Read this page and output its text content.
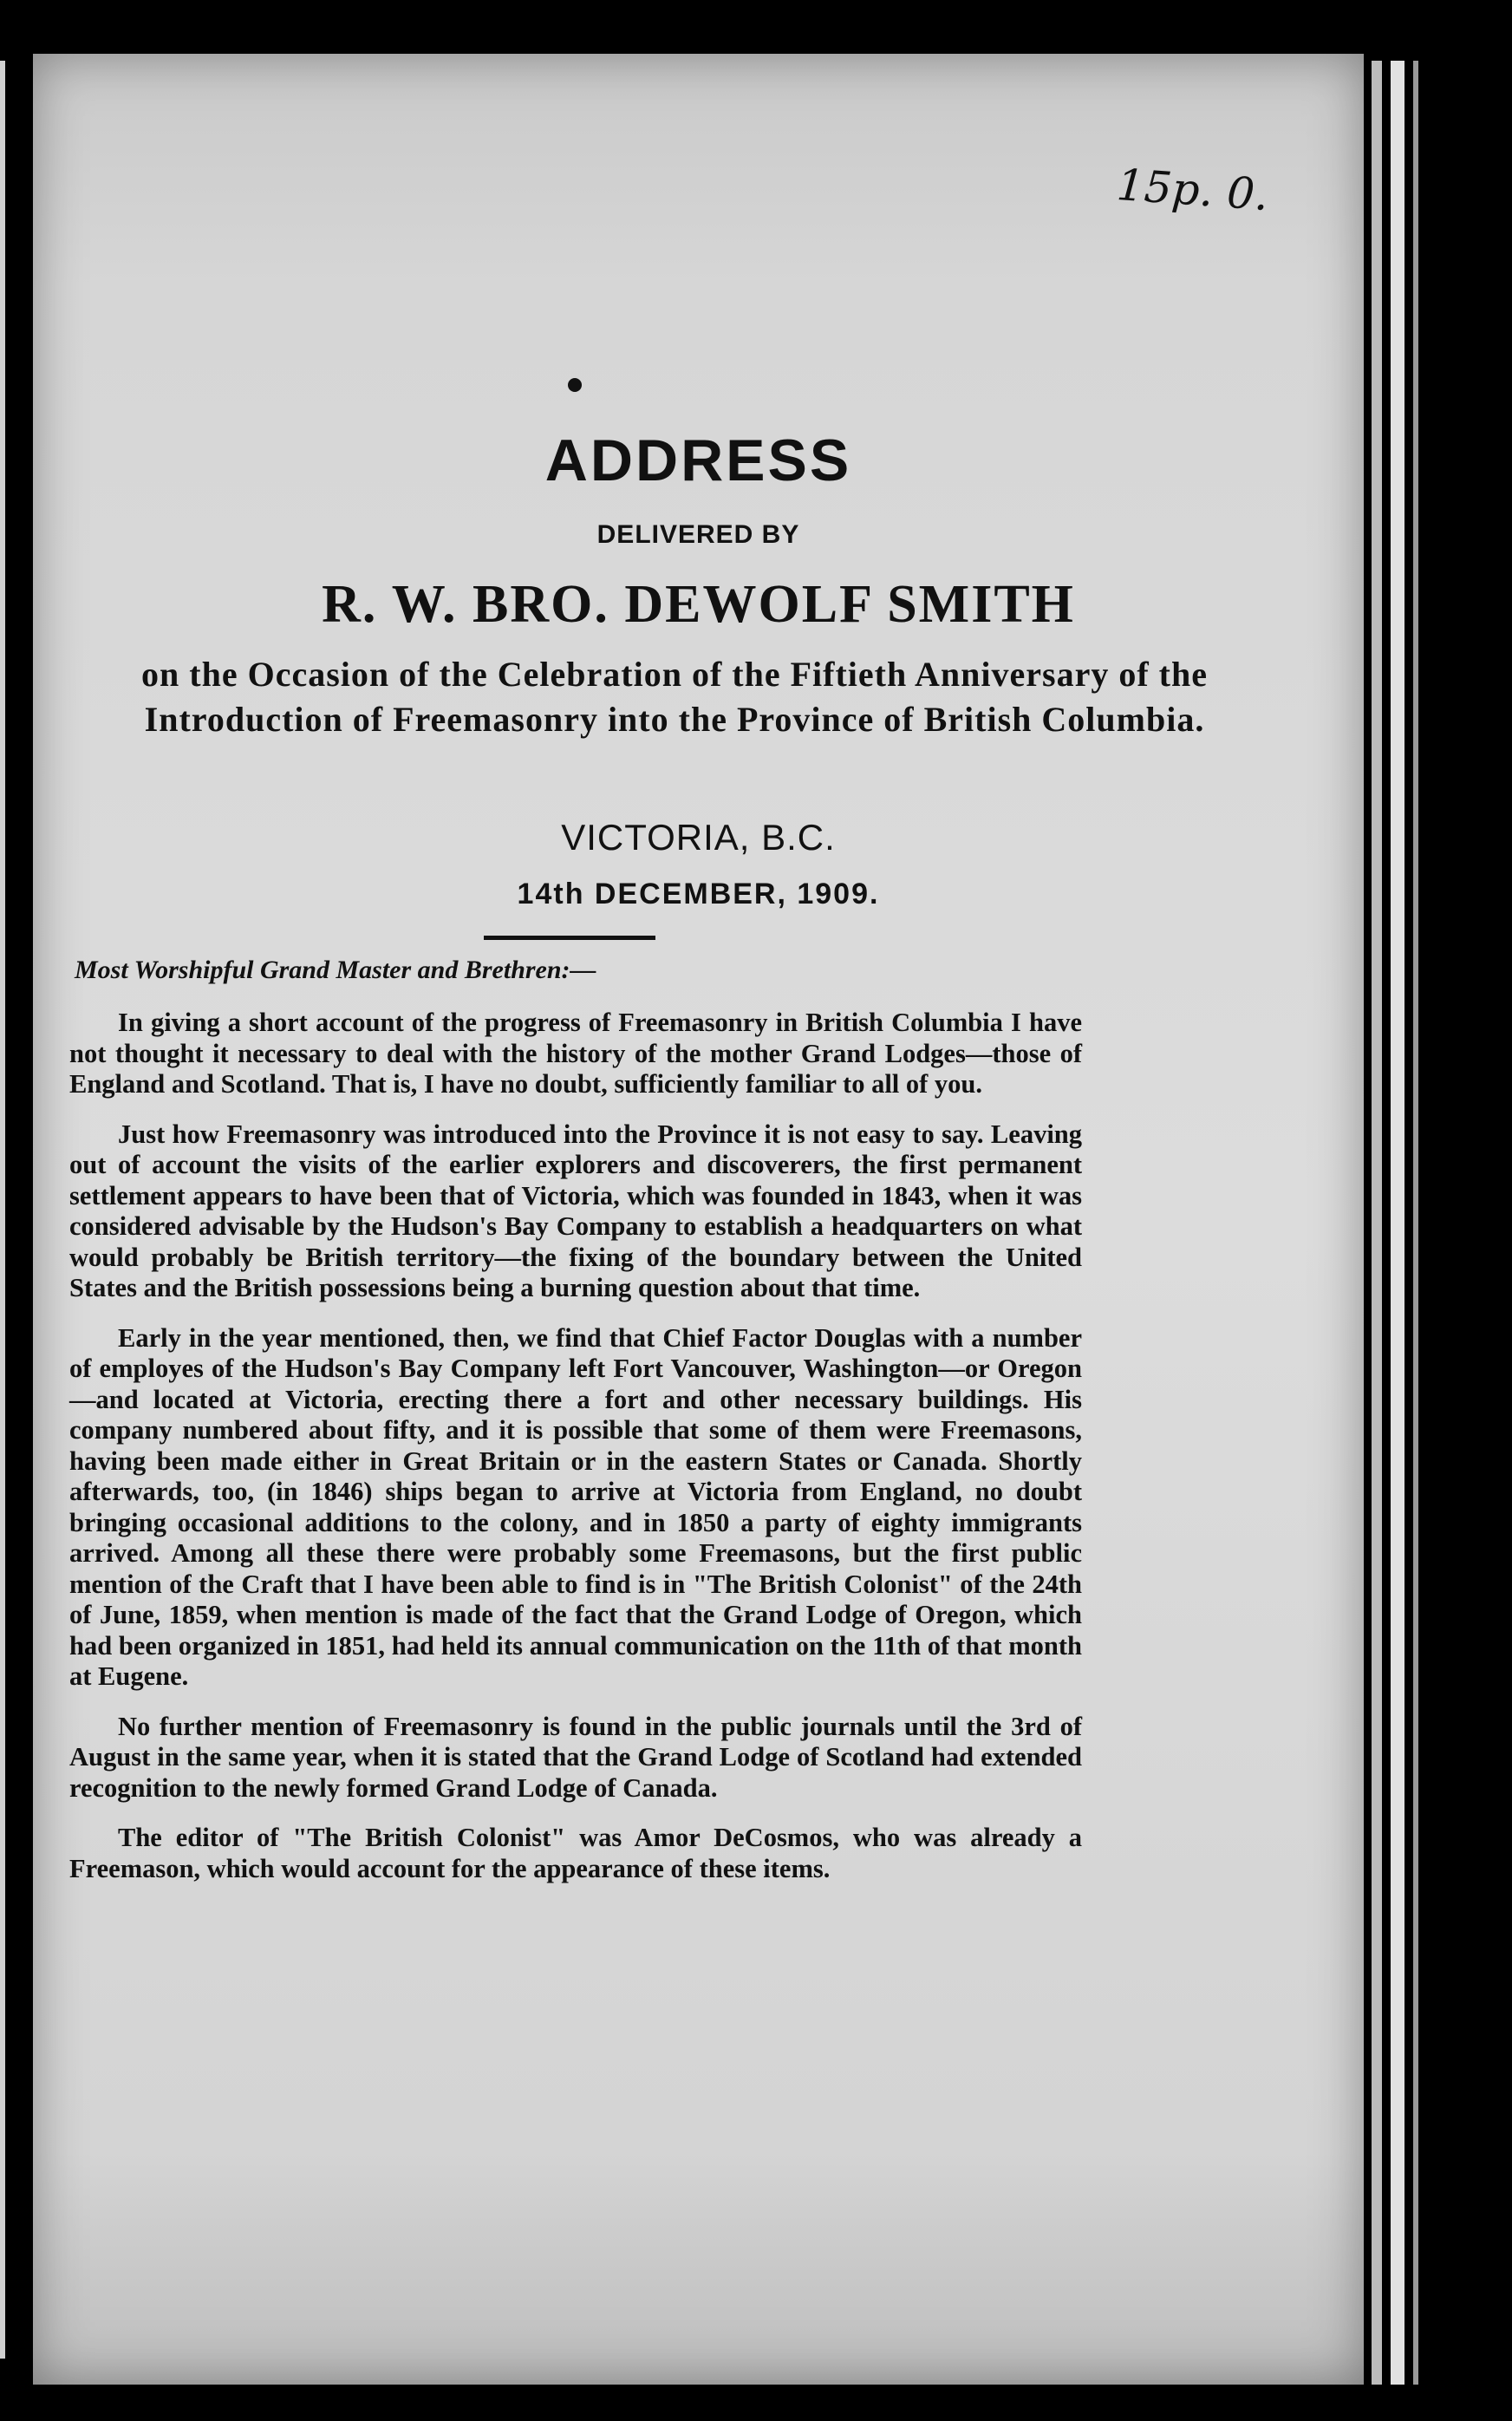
15p. 0.
ADDRESS
DELIVERED BY
R. W. BRO. DEWOLF SMITH
on the Occasion of the Celebration of the Fiftieth Anniversary of the Introduction of Freemasonry into the Province of British Columbia.
VICTORIA, B.C.
14th DECEMBER, 1909.
Most Worshipful Grand Master and Brethren:—

In giving a short account of the progress of Freemasonry in British Columbia I have not thought it necessary to deal with the history of the mother Grand Lodges—those of England and Scotland. That is, I have no doubt, sufficiently familiar to all of you.

Just how Freemasonry was introduced into the Province it is not easy to say. Leaving out of account the visits of the earlier explorers and discoverers, the first permanent settlement appears to have been that of Victoria, which was founded in 1843, when it was considered advisable by the Hudson's Bay Company to establish a headquarters on what would probably be British territory—the fixing of the boundary between the United States and the British possessions being a burning question about that time.

Early in the year mentioned, then, we find that Chief Factor Douglas with a number of employes of the Hudson's Bay Company left Fort Vancouver, Washington—or Oregon—and located at Victoria, erecting there a fort and other necessary buildings. His company numbered about fifty, and it is possible that some of them were Freemasons, having been made either in Great Britain or in the eastern States or Canada. Shortly afterwards, too, (in 1846) ships began to arrive at Victoria from England, no doubt bringing occasional additions to the colony, and in 1850 a party of eighty immigrants arrived. Among all these there were probably some Freemasons, but the first public mention of the Craft that I have been able to find is in "The British Colonist" of the 24th of June, 1859, when mention is made of the fact that the Grand Lodge of Oregon, which had been organized in 1851, had held its annual communication on the 11th of that month at Eugene.

No further mention of Freemasonry is found in the public journals until the 3rd of August in the same year, when it is stated that the Grand Lodge of Scotland had extended recognition to the newly formed Grand Lodge of Canada.

The editor of "The British Colonist" was Amor DeCosmos, who was already a Freemason, which would account for the appearance of these items.
